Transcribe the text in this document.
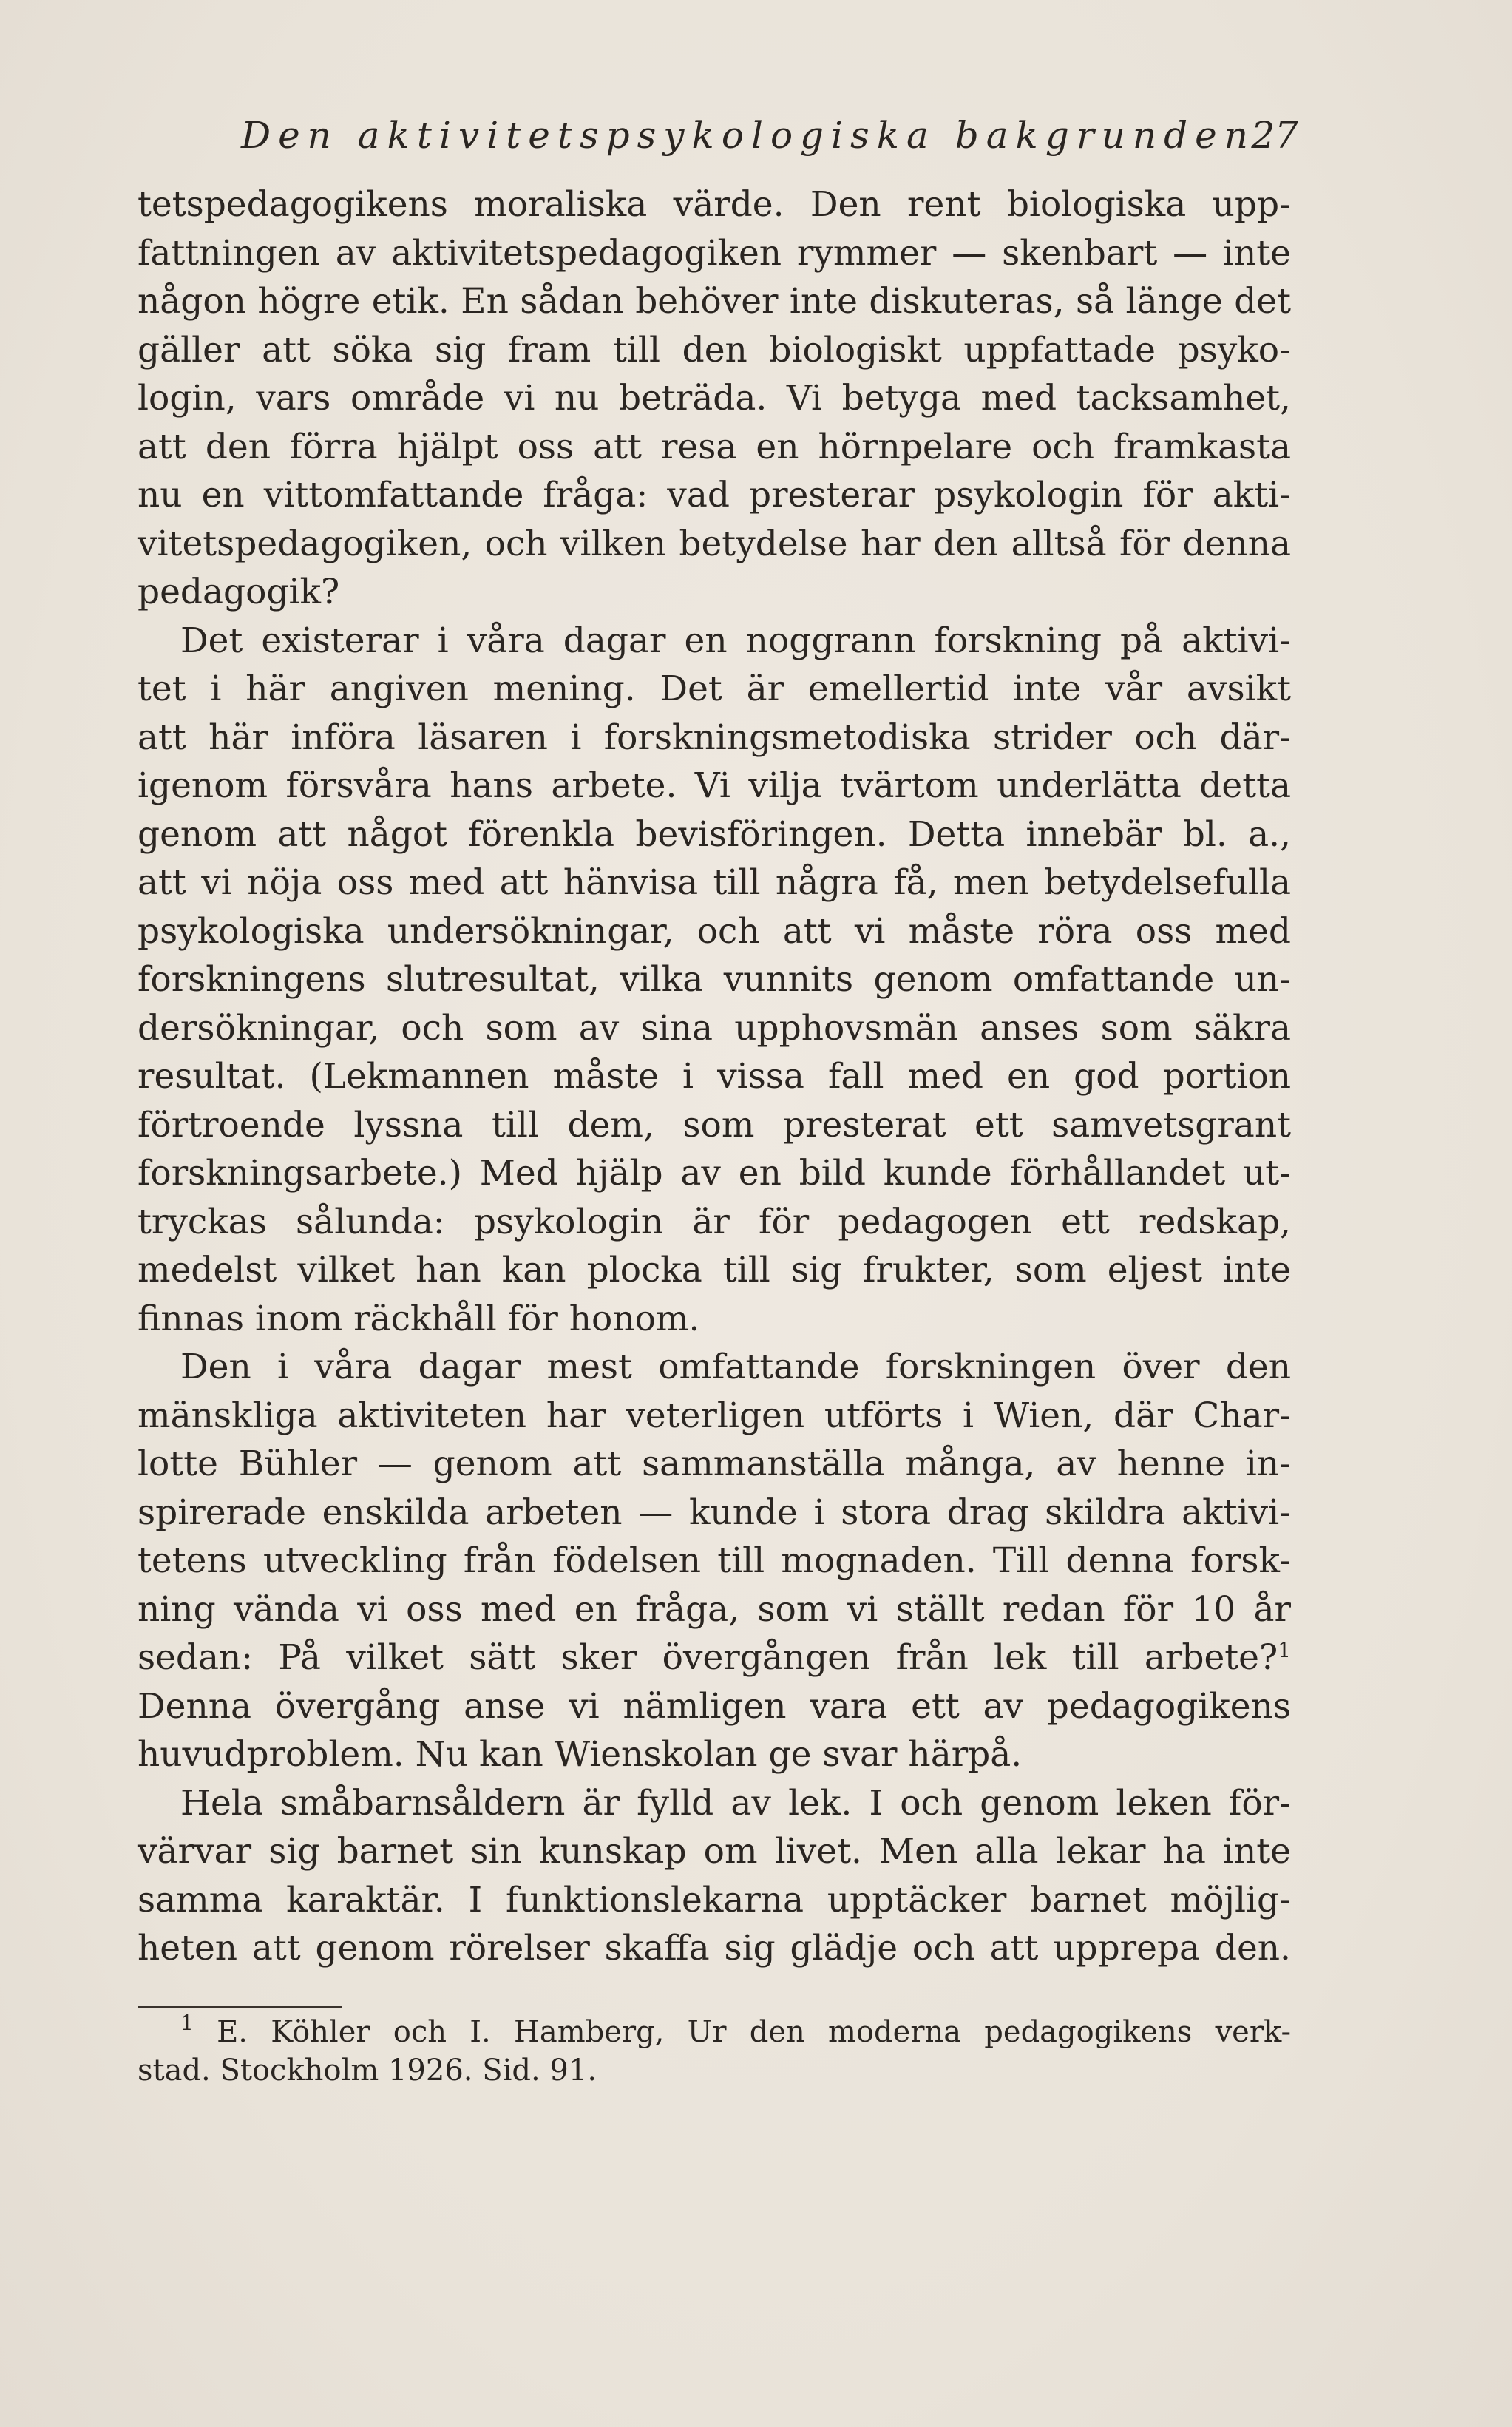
Den aktivitetspsykologiska bakgrunden
27
tetspedagogikens moraliska värde. Den rent biologiska upp-
fattningen av aktivitetspedagogiken rymmer — skenbart — inte
någon högre etik. En sådan behöver inte diskuteras, så länge det
gäller att söka sig fram till den biologiskt uppfattade psyko-
login, vars område vi nu beträda. Vi betyga med tacksamhet,
att den förra hjälpt oss att resa en hörnpelare och framkasta
nu en vittomfattande fråga: vad presterar psykologin för akti-
vitetspedagogiken, och vilken betydelse har den alltså för denna
pedagogik?
Det existerar i våra dagar en noggrann forskning på aktivi-
tet i här angiven mening. Det är emellertid inte vår avsikt
att här införa läsaren i forskningsmetodiska strider och där-
igenom försvåra hans arbete. Vi vilja tvärtom underlätta detta
genom att något förenkla bevisföringen. Detta innebär bl. a.,
att vi nöja oss med att hänvisa till några få, men betydelsefulla
psykologiska undersökningar, och att vi måste röra oss med
forskningens slutresultat, vilka vunnits genom omfattande un-
dersökningar, och som av sina upphovsmän anses som säkra
resultat. (Lekmannen måste i vissa fall med en god portion
förtroende lyssna till dem, som presterat ett samvetsgrant
forskningsarbete.) Med hjälp av en bild kunde förhållandet ut-
tryckas sålunda: psykologin är för pedagogen ett redskap,
medelst vilket han kan plocka till sig frukter, som eljest inte
finnas inom räckhåll för honom.
Den i våra dagar mest omfattande forskningen över den
mänskliga aktiviteten har veterligen utförts i Wien, där Char-
lotte Bühler — genom att sammanställa många, av henne in-
spirerade enskilda arbeten — kunde i stora drag skildra aktivi-
tetens utveckling från födelsen till mognaden. Till denna forsk-
ning vända vi oss med en fråga, som vi ställt redan för 10 år
sedan: På vilket sätt sker övergången från lek till arbete?$^1$
Denna övergång anse vi nämligen vara ett av pedagogikens
huvudproblem. Nu kan Wienskolan ge svar härpå.
Hela småbarnsåldern är fylld av lek. I och genom leken för-
värvar sig barnet sin kunskap om livet. Men alla lekar ha inte
samma karaktär. I funktionslekarna upptäcker barnet möjlig-
heten att genom rörelser skaffa sig glädje och att upprepa den.
$^1$ E. Köhler och I. Hamberg, Ur den moderna pedagogikens verk-
stad. Stockholm 1926. Sid. 91.
